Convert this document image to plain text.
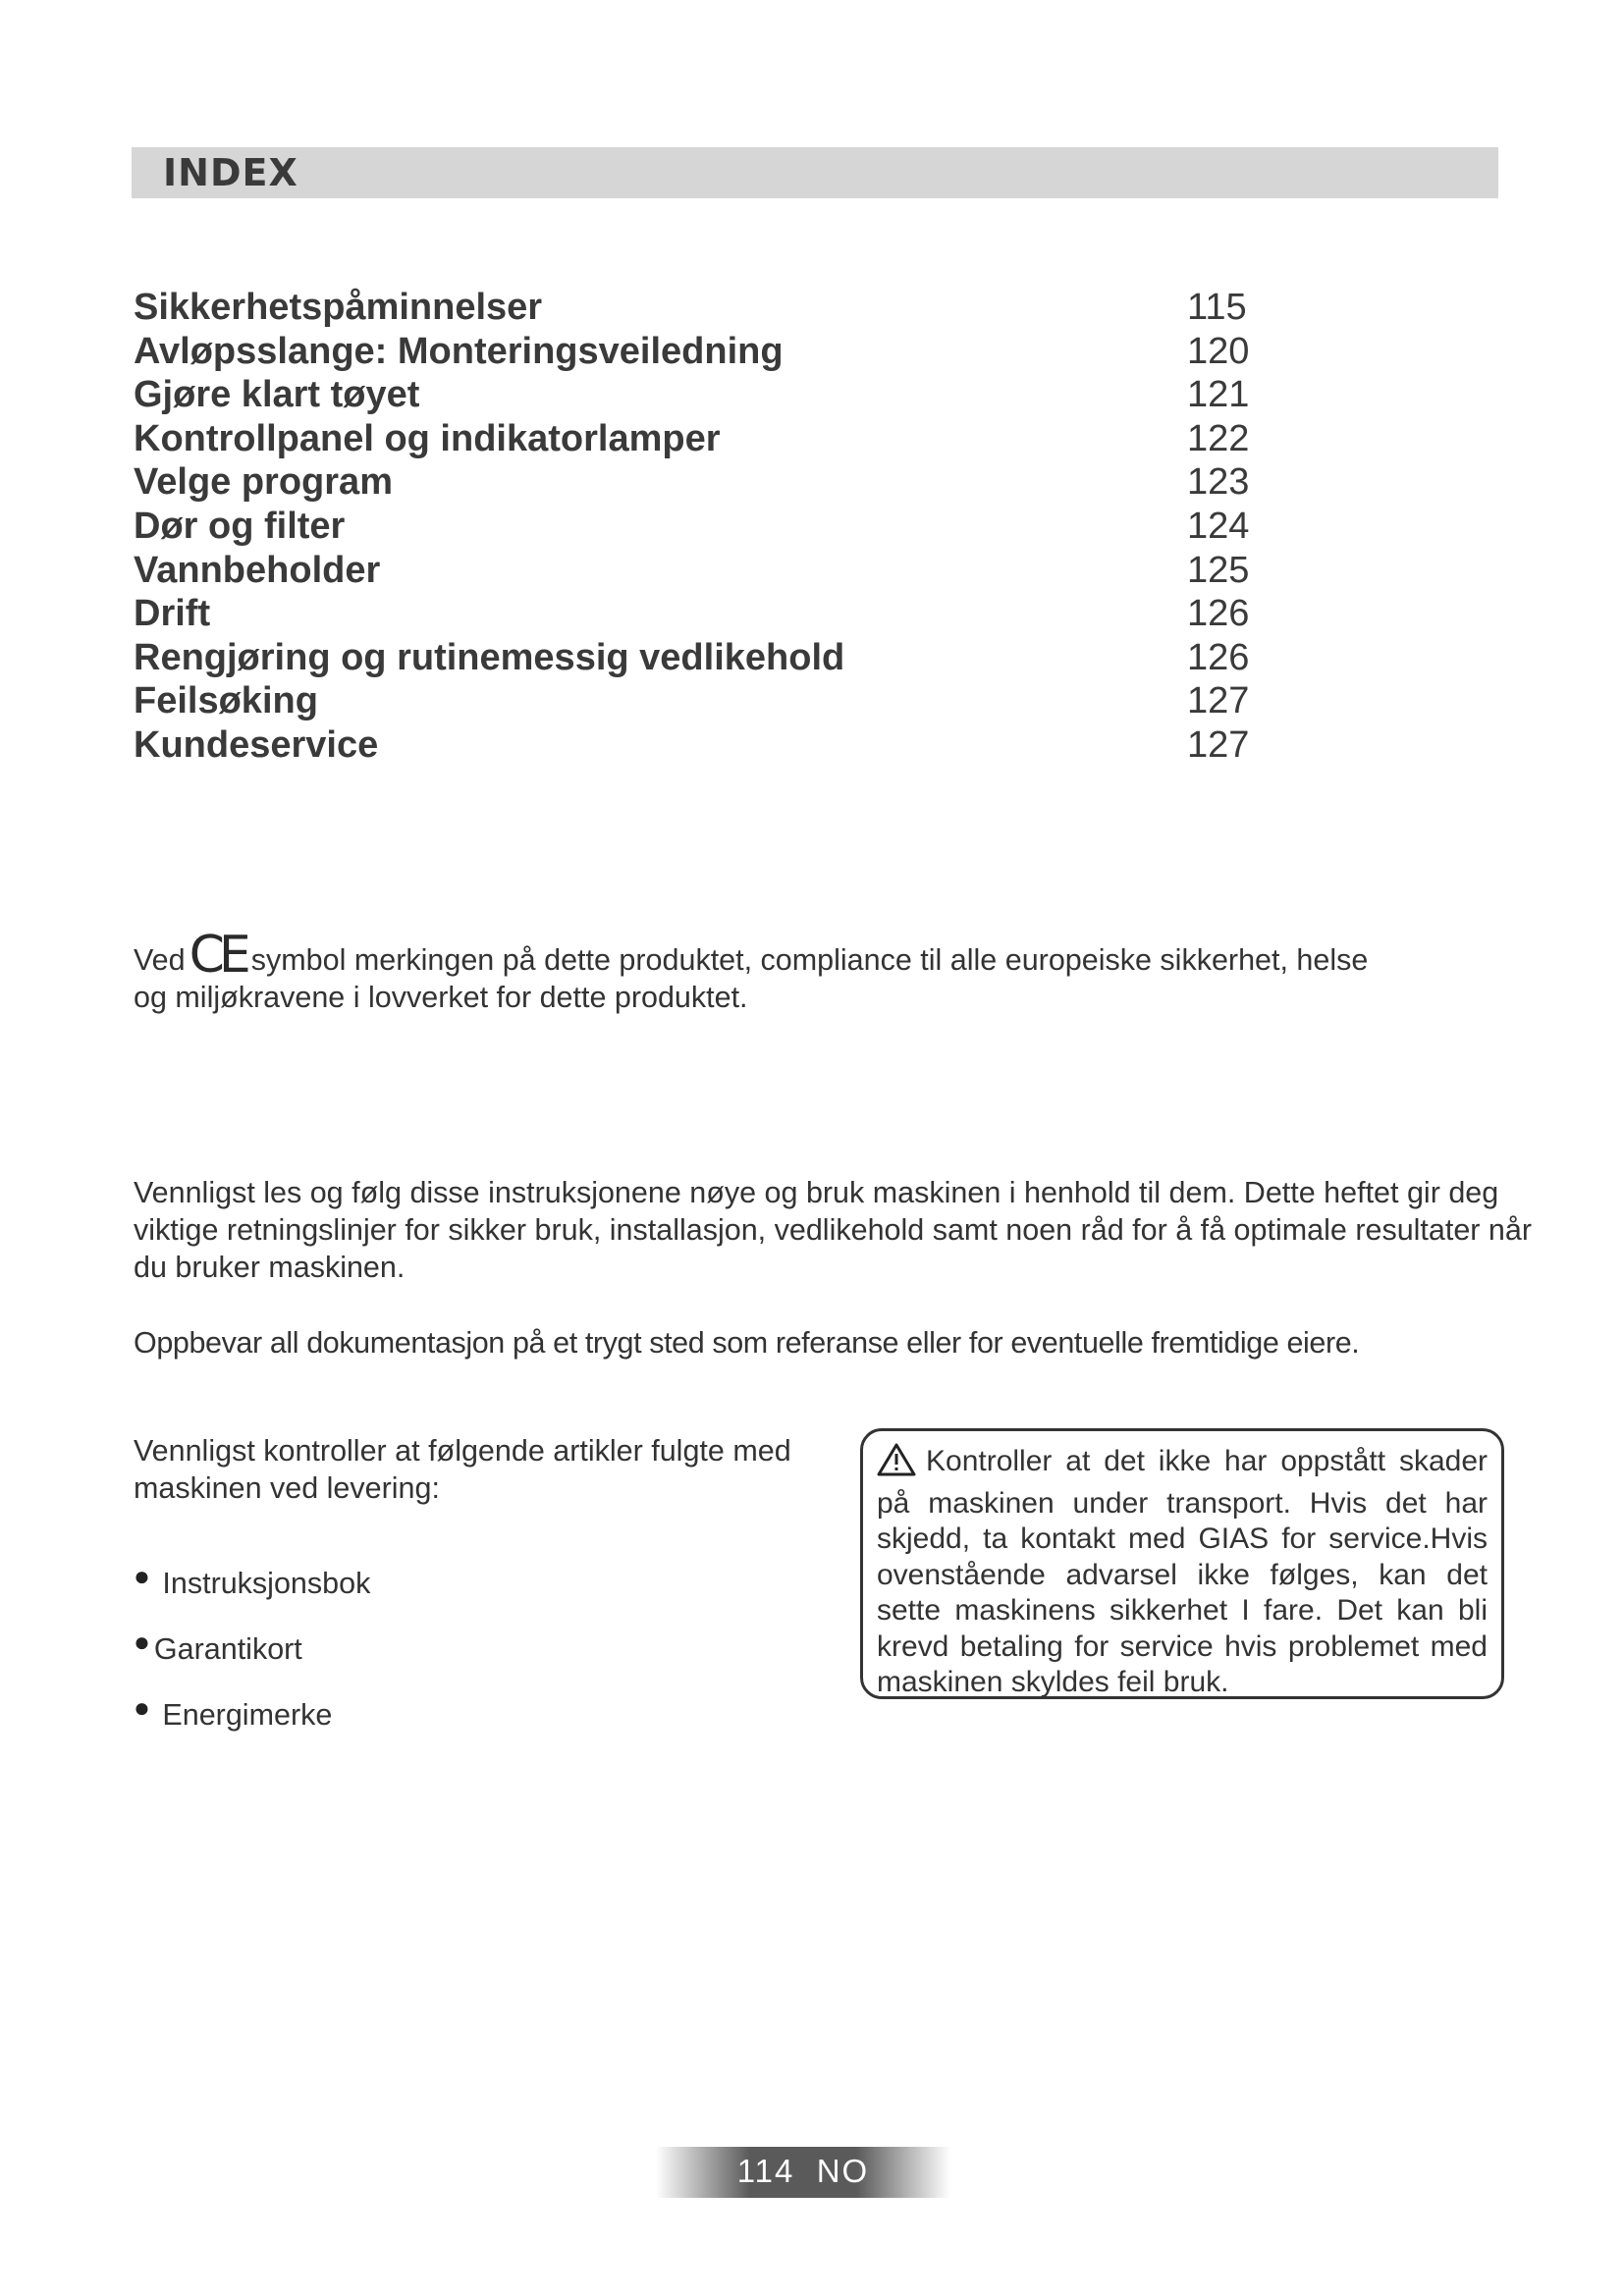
INDEX
Sikkerhetspåminnelser	115
Avløpsslange: Monteringsveiledning	120
Gjøre klart tøyet	121
Kontrollpanel og indikatorlamper	122
Velge program	123
Dør og filter	124
Vannbeholder	125
Drift	126
Rengjøring og rutinemessig vedlikehold	126
Feilsøking	127
Kundeservice	127
VedCE symbol merkingen på dette produktet, compliance til alle europeiske sikkerhet, helse
og miljøkravene i lovverket for dette produktet.
Vennligst les og følg disse instruksjonene nøye og bruk maskinen i henhold til dem. Dette heftet gir deg viktige retningslinjer for sikker bruk, installasjon, vedlikehold samt noen råd for å få optimale resultater når du bruker maskinen.
Oppbevar all dokumentasjon på et trygt sted som referanse eller for eventuelle fremtidige eiere.
Vennligst kontroller at følgende artikler fulgte med maskinen ved levering:
● Instruksjonsbok
● Garantikort
● Energimerke
Kontroller at det ikke har oppstått skader på maskinen under transport. Hvis det har skjedd, ta kontakt med GIAS for service.Hvis ovenstående advarsel ikke følges, kan det sette maskinens sikkerhet I fare. Det kan bli krevd betaling for service hvis problemet med maskinen skyldes feil bruk.
114  NO
